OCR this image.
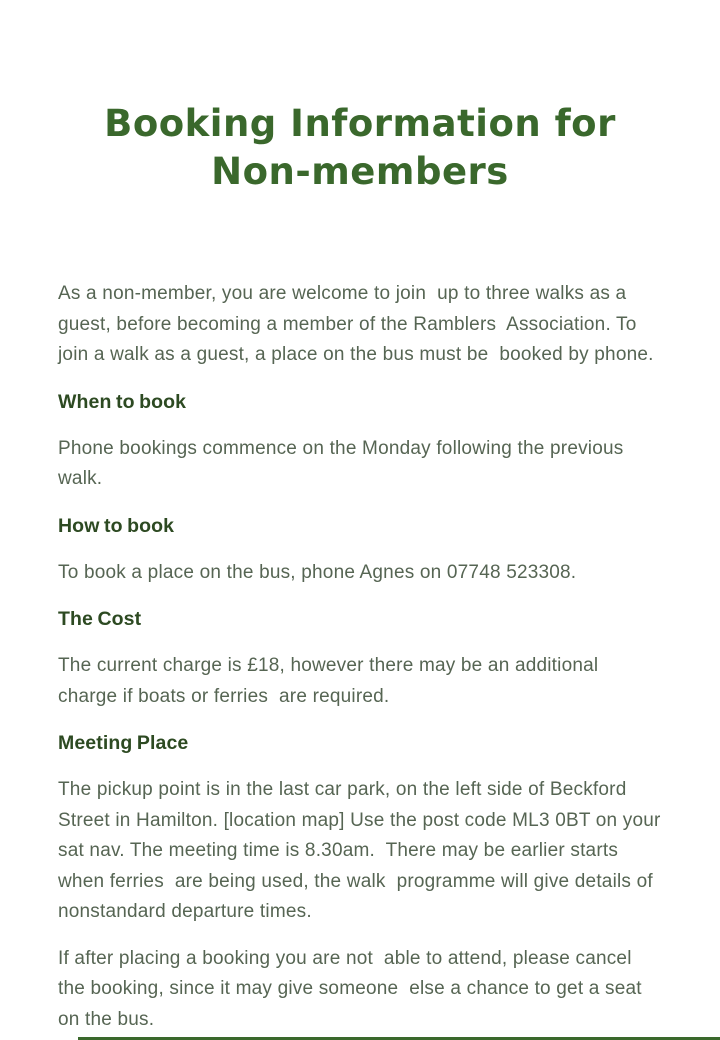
Booking Information for
Non-members

As a non-member, you are welcome to join  up to three walks as a guest, before becoming a member of the Ramblers  Association. To join a walk as a guest, a place on the bus must be  booked by phone.

When to book

Phone bookings commence on the Monday following the previous walk.

How to book

To book a place on the bus, phone Agnes on 07748 523308.

The Cost

The current charge is £18, however there may be an additional charge if boats or ferries  are required.

Meeting Place

The pickup point is in the last car park, on the left side of Beckford Street in Hamilton. [location map] Use the post code ML3 0BT on your sat nav. The meeting time is 8.30am.  There may be earlier starts when ferries  are being used, the walk  programme will give details of nonstandard departure times.

If after placing a booking you are not  able to attend, please cancel the booking, since it may give someone  else a chance to get a seat on the bus.
